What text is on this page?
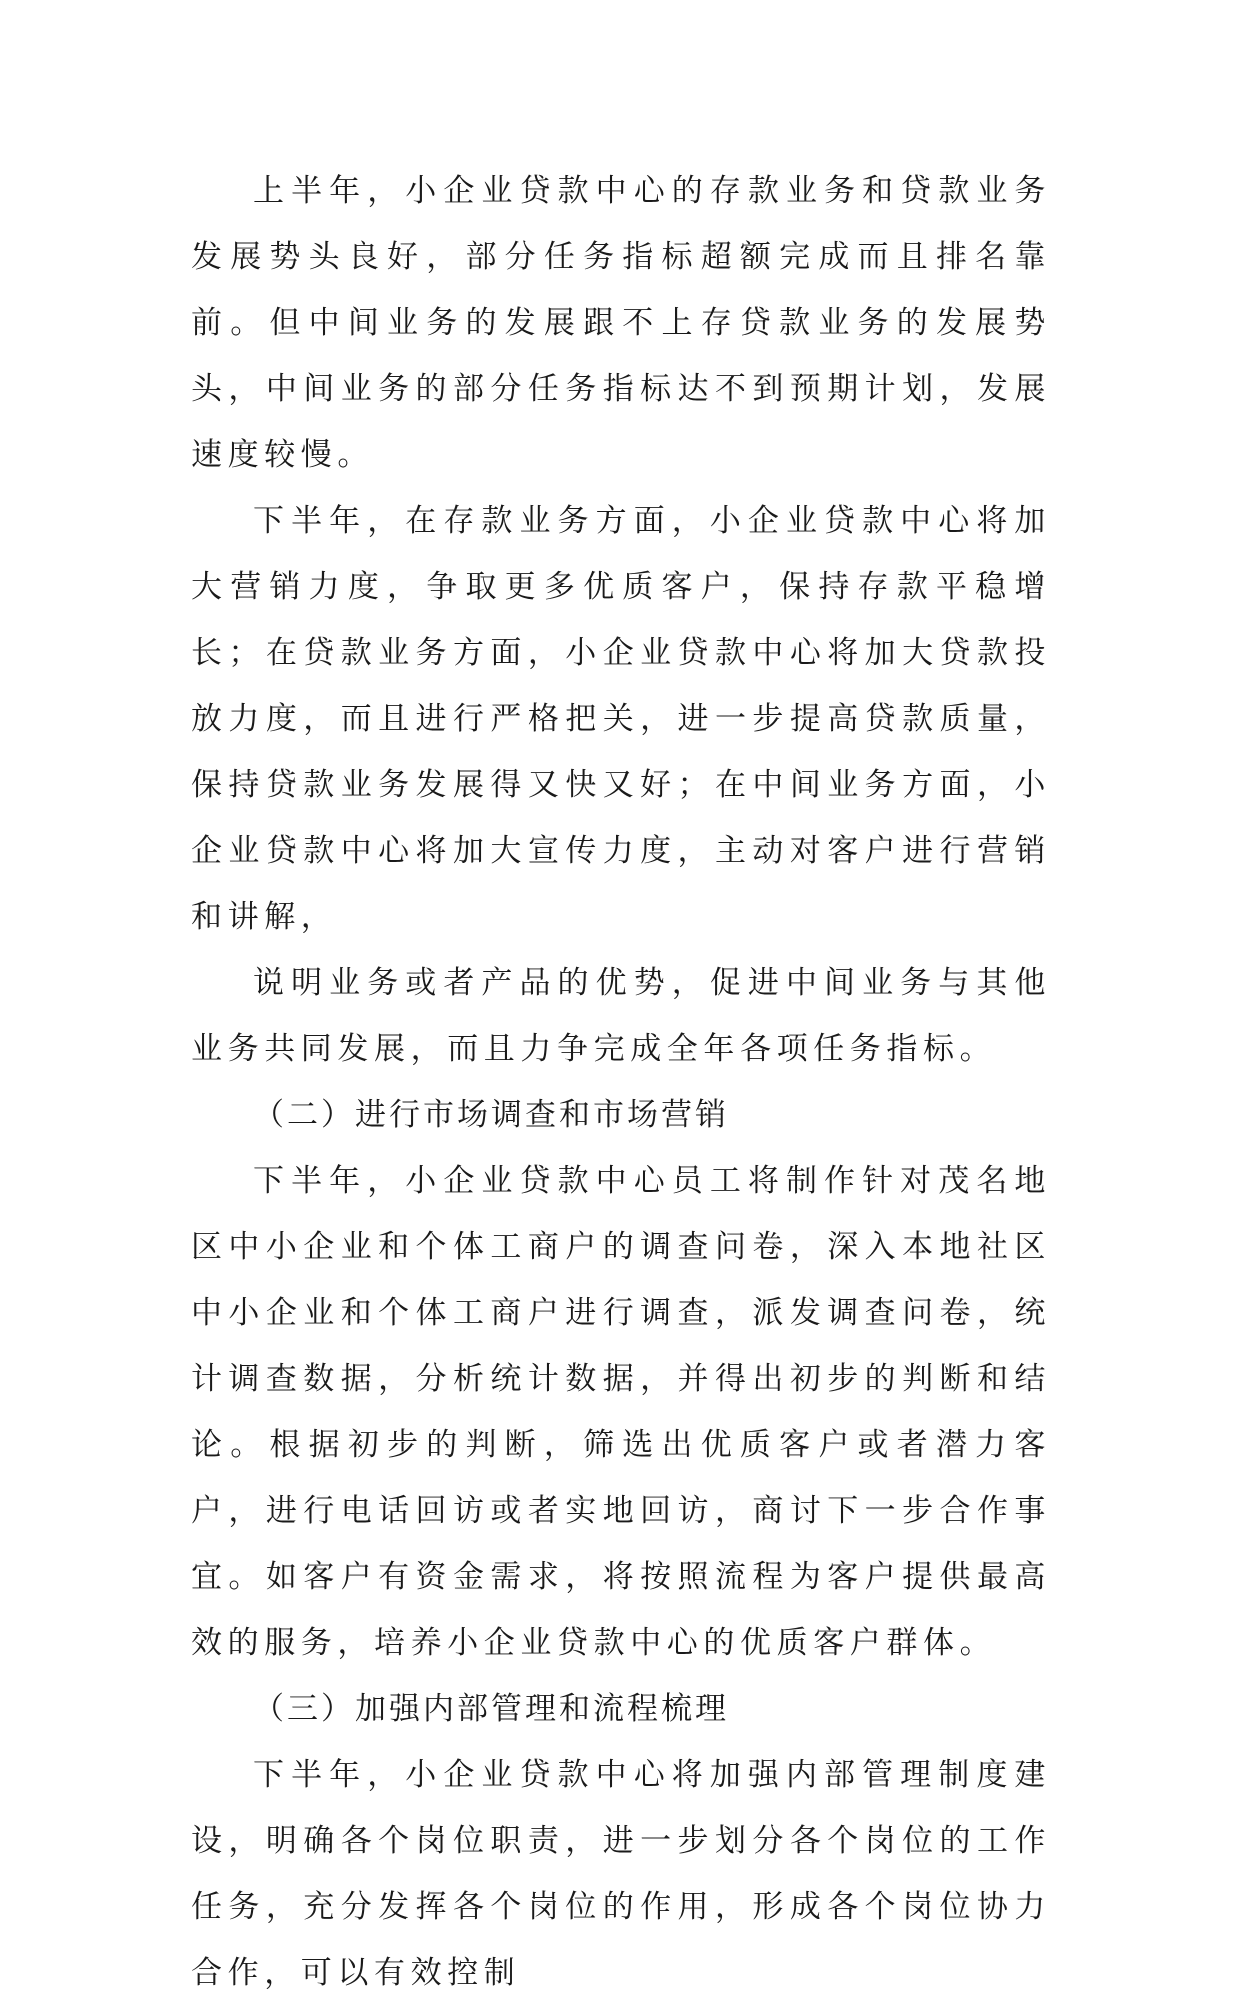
上半年，小企业贷款中心的存款业务和贷款业务发展势头良好，部分任务指标超额完成而且排名靠前。但中间业务的发展跟不上存贷款业务的发展势头，中间业务的部分任务指标达不到预期计划，发展速度较慢。

下半年，在存款业务方面，小企业贷款中心将加大营销力度，争取更多优质客户，保持存款平稳增长；在贷款业务方面，小企业贷款中心将加大贷款投放力度，而且进行严格把关，进一步提高贷款质量，保持贷款业务发展得又快又好；在中间业务方面，小企业贷款中心将加大宣传力度，主动对客户进行营销和讲解，

说明业务或者产品的优势，促进中间业务与其他业务共同发展，而且力争完成全年各项任务指标。

（二）进行市场调查和市场营销

下半年，小企业贷款中心员工将制作针对茂名地区中小企业和个体工商户的调查问卷，深入本地社区中小企业和个体工商户进行调查，派发调查问卷，统计调查数据，分析统计数据，并得出初步的判断和结论。根据初步的判断，筛选出优质客户或者潜力客户，进行电话回访或者实地回访，商讨下一步合作事宜。如客户有资金需求，将按照流程为客户提供最高效的服务，培养小企业贷款中心的优质客户群体。

（三）加强内部管理和流程梳理

下半年，小企业贷款中心将加强内部管理制度建设，明确各个岗位职责，进一步划分各个岗位的工作任务，充分发挥各个岗位的作用，形成各个岗位协力合作，可以有效控制
